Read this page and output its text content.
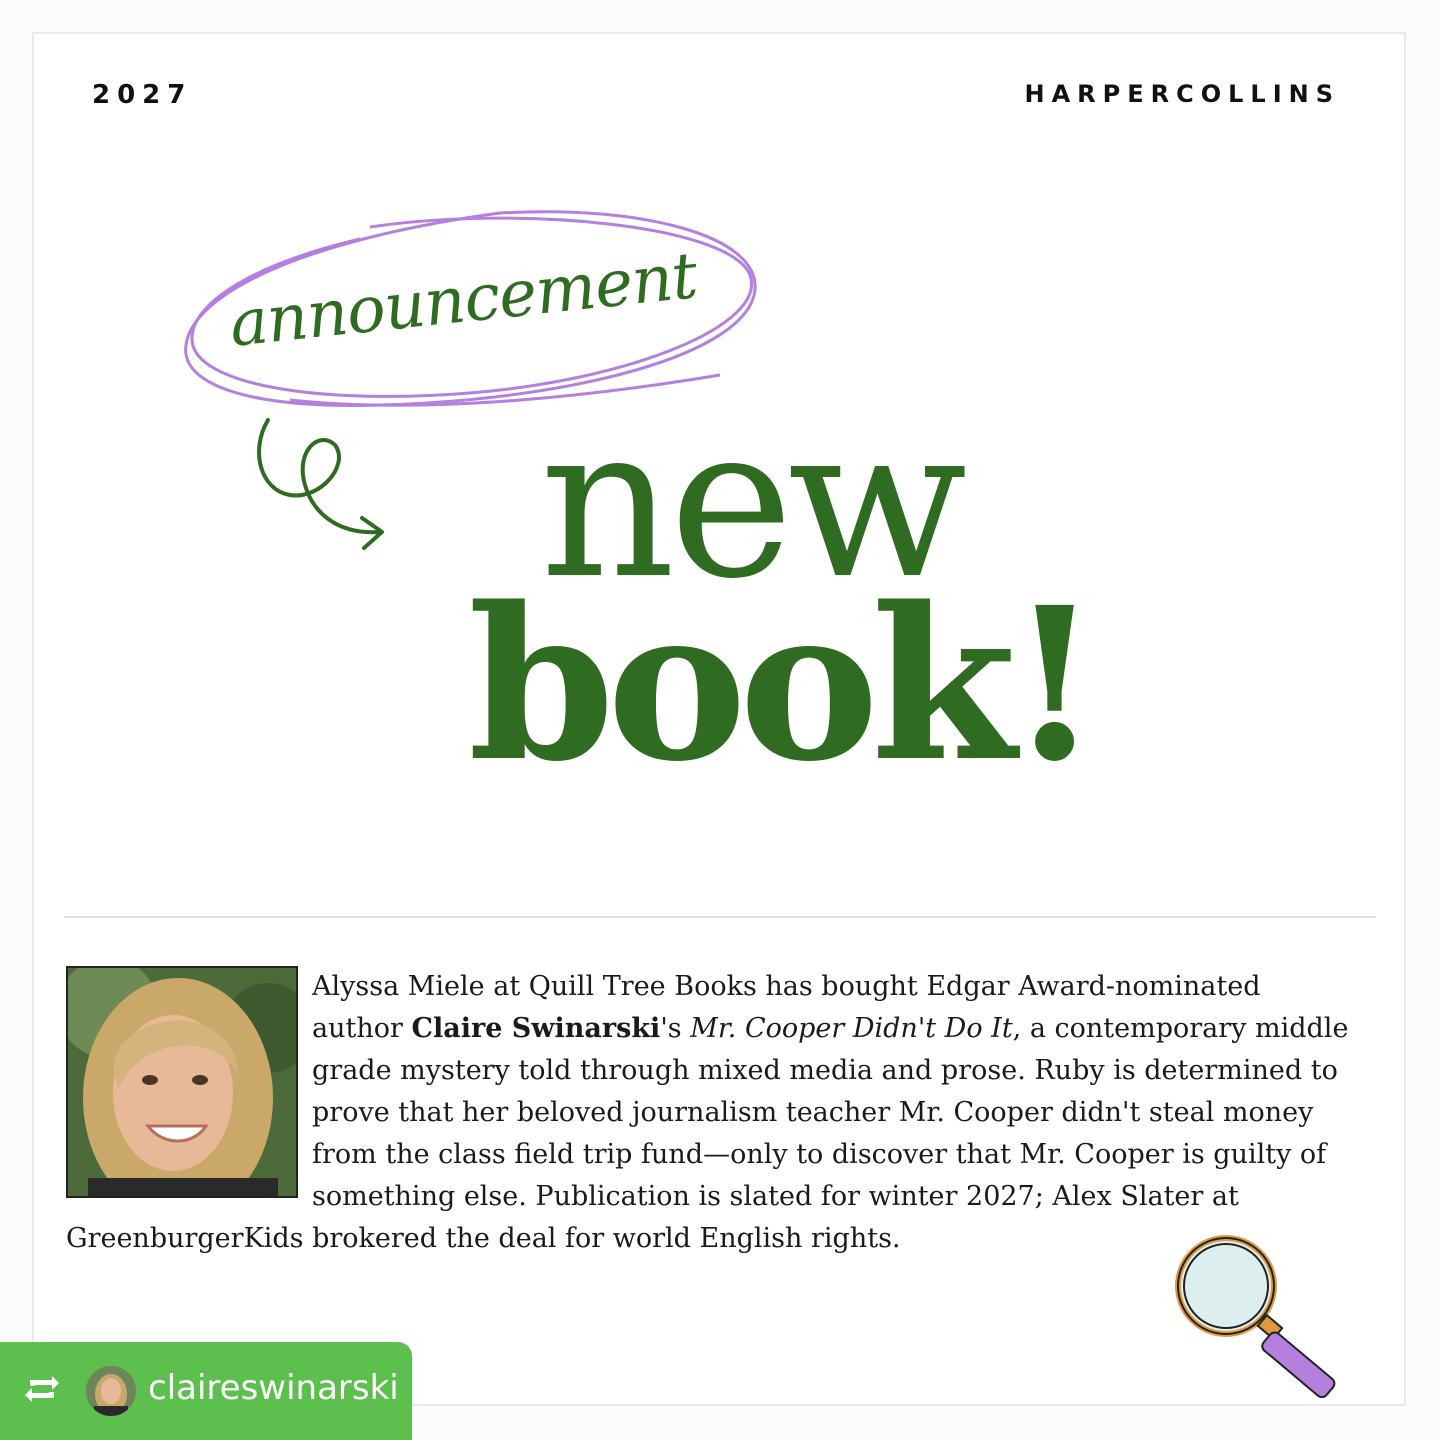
2027	HARPERCOLLINS
announcement
new
book!
Alyssa Miele at Quill Tree Books has bought Edgar Award-nominated author Claire Swinarski's Mr. Cooper Didn't Do It, a contemporary middle grade mystery told through mixed media and prose. Ruby is determined to prove that her beloved journalism teacher Mr. Cooper didn't steal money from the class field trip fund—only to discover that Mr. Cooper is guilty of something else. Publication is slated for winter 2027; Alex Slater at GreenburgerKids brokered the deal for world English rights.
claireswinarski
